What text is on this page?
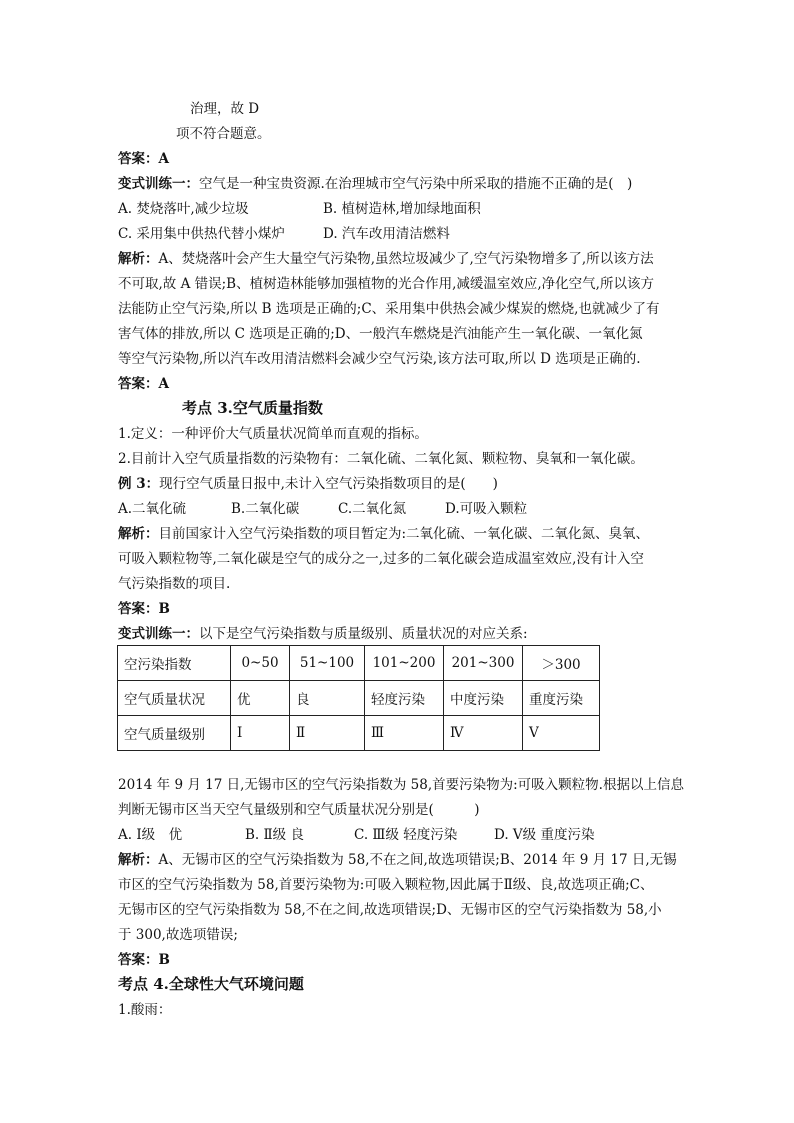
治理，故 D
项不符合题意。
答案：A
变式训练一：空气是一种宝贵资源.在治理城市空气污染中所采取的措施不正确的是(　)
A. 焚烧落叶,减少垃圾	B. 植树造林,增加绿地面积
C. 采用集中供热代替小煤炉	D. 汽车改用清洁燃料
解析：A、焚烧落叶会产生大量空气污染物,虽然垃圾减少了,空气污染物增多了,所以该方法
不可取,故 A 错误;B、植树造林能够加强植物的光合作用,减缓温室效应,净化空气,所以该方
法能防止空气污染,所以 B 选项是正确的;C、采用集中供热会减少煤炭的燃烧,也就减少了有
害气体的排放,所以 C 选项是正确的;D、一般汽车燃烧是汽油能产生一氧化碳、一氧化氮
等空气污染物,所以汽车改用清洁燃料会减少空气污染,该方法可取,所以 D 选项是正确的.
答案：A
考点 3.空气质量指数
1.定义：一种评价大气质量状况简单而直观的指标。
2.目前计入空气质量指数的污染物有：二氧化硫、二氧化氮、颗粒物、臭氧和一氧化碳。
例 3：现行空气质量日报中,未计入空气污染指数项目的是(　　)
A.二氧化硫	B.二氧化碳	C.二氧化氮	D.可吸入颗粒
解析：目前国家计入空气污染指数的项目暂定为:二氧化硫、一氧化碳、二氧化氮、臭氧、
可吸入颗粒物等,二氧化碳是空气的成分之一,过多的二氧化碳会造成温室效应,没有计入空
气污染指数的项目.
答案：B
变式训练一：以下是空气污染指数与质量级别、质量状况的对应关系:
空污染指数	0~50	51~100	101~200	201~300	＞300
空气质量状况	优	良	轻度污染	中度污染	重度污染
空气质量级别	Ⅰ	Ⅱ	Ⅲ	Ⅳ	Ⅴ
2014 年 9 月 17 日,无锡市区的空气污染指数为 58,首要污染物为:可吸入颗粒物.根据以上信息
判断无锡市区当天空气量级别和空气质量状况分别是(　　　)
A. Ⅰ级　优	B. Ⅱ级 良	C. Ⅲ级 轻度污染	D. Ⅴ级 重度污染
解析：A、无锡市区的空气污染指数为 58,不在之间,故选项错误;B、2014 年 9 月 17 日,无锡
市区的空气污染指数为 58,首要污染物为:可吸入颗粒物,因此属于Ⅱ级、良,故选项正确;C、
无锡市区的空气污染指数为 58,不在之间,故选项错误;D、无锡市区的空气污染指数为 58,小
于 300,故选项错误;
答案：B
考点 4.全球性大气环境问题
1.酸雨：
